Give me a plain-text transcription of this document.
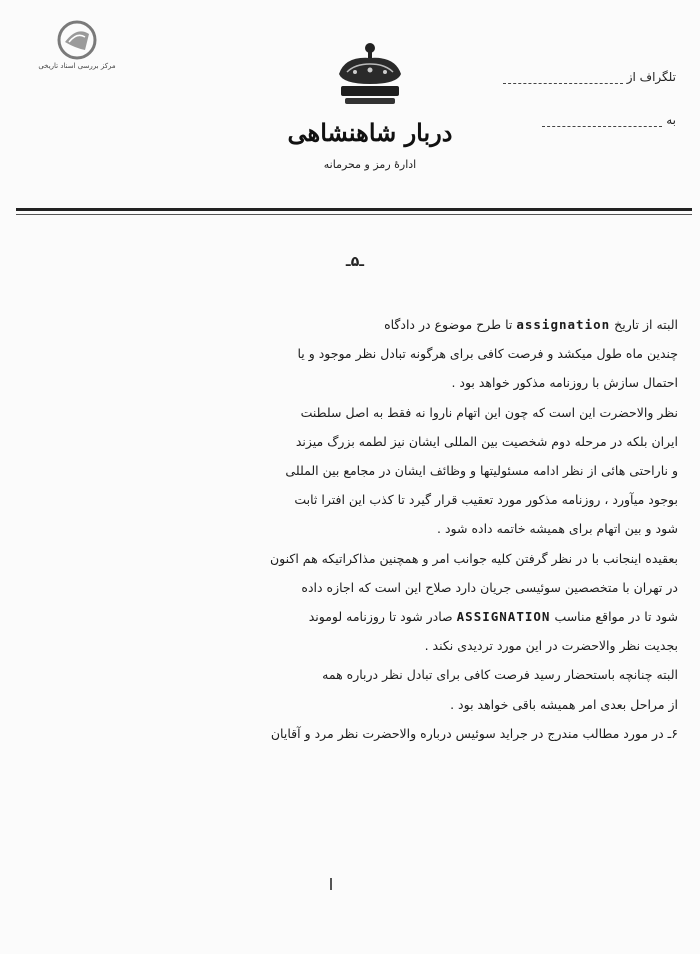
مرکز بررسی اسناد تاریخی
دربار شاهنشاهی
ادارهٔ رمز و محرمانه
تلگراف از
به
ـ۵ـ

البته از تاریخ assignation تا طرح موضوع در دادگاه

چندین ماه طول میکشد و فرصت کافی برای هرگونه تبادل نظر موجود و یا

احتمال سازش با روزنامه مذکور خواهد بود .

نظر والاحضرت این است که چون این اتهام ناروا نه فقط به اصل سلطنت

ایران بلکه در مرحله دوم شخصیت بین المللی ایشان نیز لطمه بزرگ میزند

و ناراحتی هائی از نظر ادامه مسئولیتها و وظائف ایشان در مجامع بین المللی

بوجود میآورد ، روزنامه مذکور مورد تعقیب قرار گیرد تا کذب این افترا ثابت

شود و بین اتهام برای همیشه خاتمه داده شود .

بعقیده اینجانب با در نظر گرفتن کلیه جوانب امر و همچنین مذاکراتیکه هم اکنون

در تهران با متخصصین سوئیسی جریان دارد صلاح این است که اجازه داده

شود تا در مواقع مناسب ASSIGNATION صادر شود تا روزنامه لوموند

بجدیت نظر والاحضرت در این مورد تردیدی نکند .

البته چنانچه باستحضار رسید فرصت کافی برای تبادل نظر درباره همه

از مراحل بعدی امر همیشه باقی خواهد بود .

۶ـ در مورد مطالب مندرج در جراید سوئیس درباره والاحضرت نظر مرد و آقایان
